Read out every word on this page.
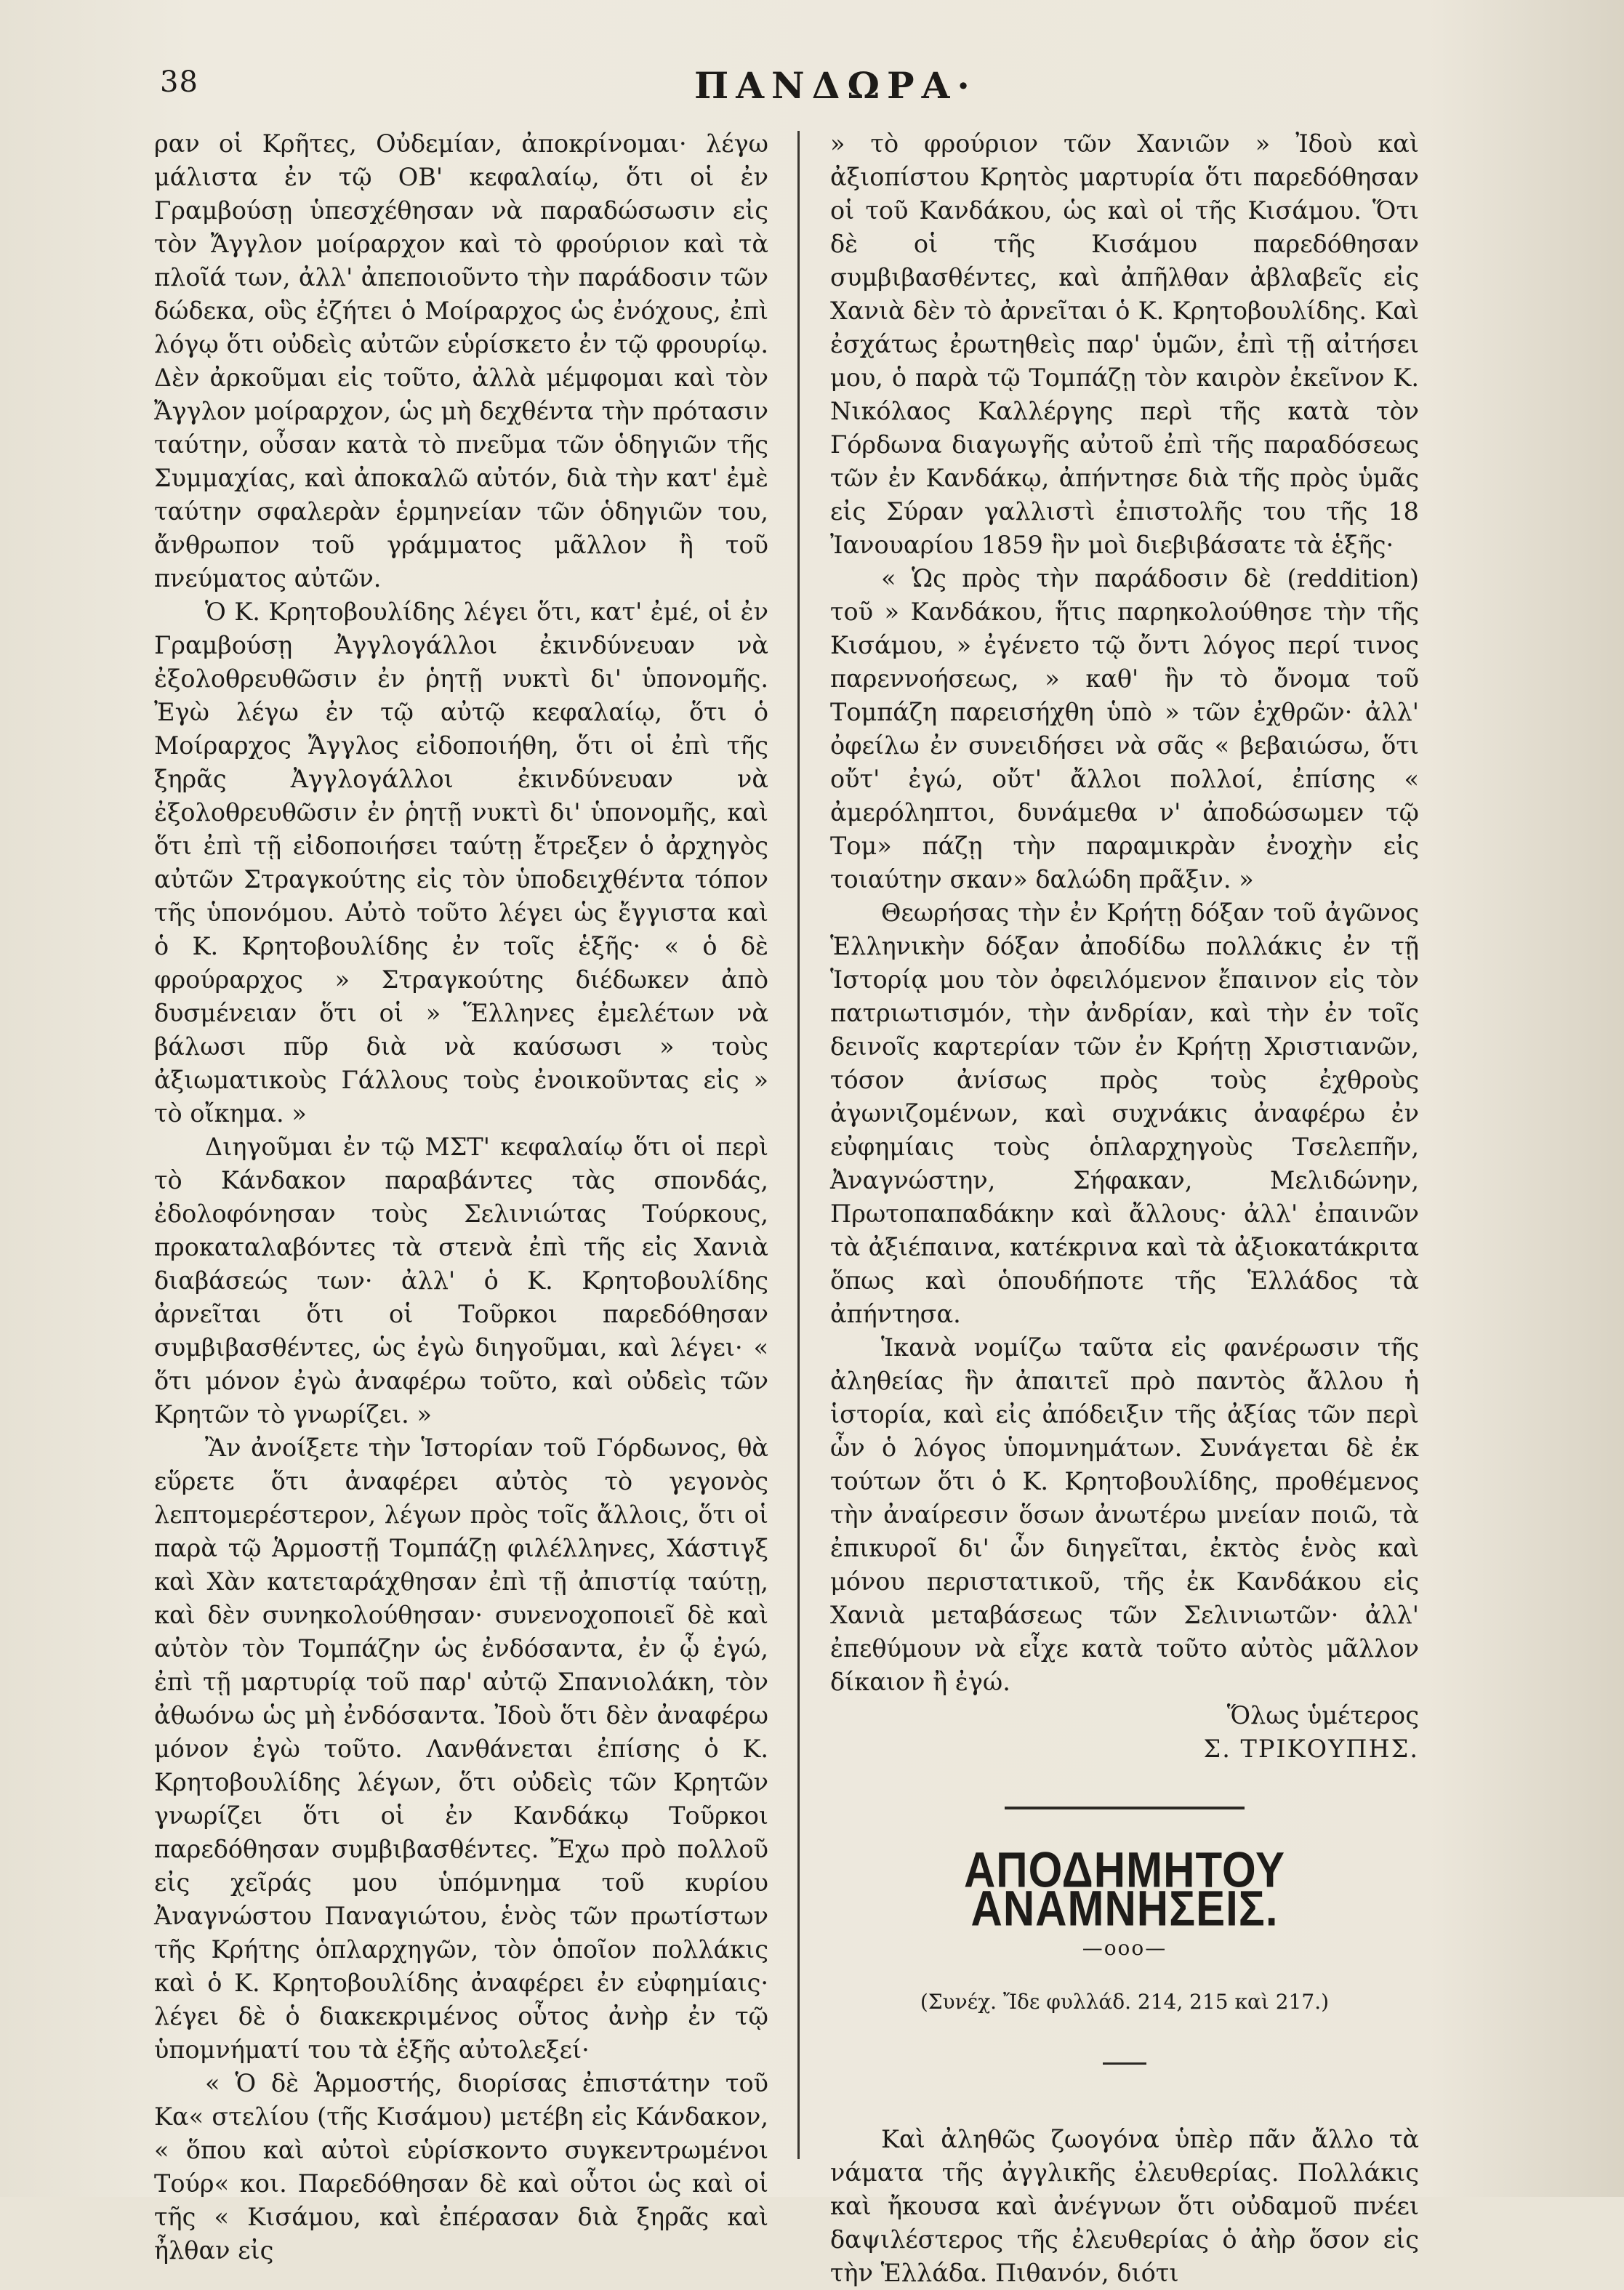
38	ΠΑΝΔΩΡΑ·

ραν οἱ Κρῆτες, Οὐδεμίαν, ἀποκρίνομαι· λέγω μάλιστα ἐν τῷ ΟΒ' κεφαλαίῳ, ὅτι οἱ ἐν Γραμβούσῃ ὑπεσχέθησαν νὰ παραδώσωσιν εἰς τὸν Ἄγγλον μοίραρχον καὶ τὸ φρούριον καὶ τὰ πλοῖά των, ἀλλ' ἀπεποιοῦντο τὴν παράδοσιν τῶν δώδεκα, οὓς ἐζήτει ὁ Μοίραρχος ὡς ἐνόχους, ἐπὶ λόγῳ ὅτι οὐδεὶς αὐτῶν εὑρίσκετο ἐν τῷ φρουρίῳ. Δὲν ἀρκοῦμαι εἰς τοῦτο, ἀλλὰ μέμφομαι καὶ τὸν Ἄγγλον μοίραρχον, ὡς μὴ δεχθέντα τὴν πρότασιν ταύτην, οὖσαν κατὰ τὸ πνεῦμα τῶν ὁδηγιῶν τῆς Συμμαχίας, καὶ ἀποκαλῶ αὐτόν, διὰ τὴν κατ' ἐμὲ ταύτην σφαλερὰν ἑρμηνείαν τῶν ὁδηγιῶν του, ἄνθρωπον τοῦ γράμματος μᾶλλον ἢ τοῦ πνεύματος αὐτῶν.

Ὁ Κ. Κρητοβουλίδης λέγει ὅτι, κατ' ἐμέ, οἱ ἐν Γραμβούσῃ Ἀγγλογάλλοι ἐκινδύνευαν νὰ ἐξολοθρευθῶσιν ἐν ῥητῇ νυκτὶ δι' ὑπονομῆς. Ἐγὼ λέγω ἐν τῷ αὐτῷ κεφαλαίῳ, ὅτι ὁ Μοίραρχος Ἄγγλος εἰδοποιήθη, ὅτι οἱ ἐπὶ τῆς ξηρᾶς Ἀγγλογάλλοι ἐκινδύνευαν νὰ ἐξολοθρευθῶσιν ἐν ῥητῇ νυκτὶ δι' ὑπονομῆς, καὶ ὅτι ἐπὶ τῇ εἰδοποιήσει ταύτῃ ἔτρεξεν ὁ ἀρχηγὸς αὐτῶν Στραγκούτης εἰς τὸν ὑποδειχθέντα τόπον τῆς ὑπονόμου. Αὐτὸ τοῦτο λέγει ὡς ἔγγιστα καὶ ὁ Κ. Κρητοβουλίδης ἐν τοῖς ἑξῆς· « ὁ δὲ φρούραρχος » Στραγκούτης διέδωκεν ἀπὸ δυσμένειαν ὅτι οἱ » Ἕλληνες ἐμελέτων νὰ βάλωσι πῦρ διὰ νὰ καύσωσι » τοὺς ἀξιωματικοὺς Γάλλους τοὺς ἐνοικοῦντας εἰς » τὸ οἴκημα. »

Διηγοῦμαι ἐν τῷ ΜΣΤ' κεφαλαίῳ ὅτι οἱ περὶ τὸ Κάνδακον παραβάντες τὰς σπονδάς, ἐδολοφόνησαν τοὺς Σελινιώτας Τούρκους, προκαταλαβόντες τὰ στενὰ ἐπὶ τῆς εἰς Χανιὰ διαβάσεώς των· ἀλλ' ὁ Κ. Κρητοβουλίδης ἀρνεῖται ὅτι οἱ Τοῦρκοι παρεδόθησαν συμβιβασθέντες, ὡς ἐγὼ διηγοῦμαι, καὶ λέγει· « ὅτι μόνον ἐγὼ ἀναφέρω τοῦτο, καὶ οὐδεὶς τῶν Κρητῶν τὸ γνωρίζει. »

Ἂν ἀνοίξετε τὴν Ἱστορίαν τοῦ Γόρδωνος, θὰ εὕρετε ὅτι ἀναφέρει αὐτὸς τὸ γεγονὸς λεπτομερέστερον, λέγων πρὸς τοῖς ἄλλοις, ὅτι οἱ παρὰ τῷ Ἁρμοστῇ Τομπάζῃ φιλέλληνες, Χάστιγξ καὶ Χὰν κατεταράχθησαν ἐπὶ τῇ ἀπιστίᾳ ταύτῃ, καὶ δὲν συνηκολούθησαν· συνενοχοποιεῖ δὲ καὶ αὐτὸν τὸν Τομπάζην ὡς ἐνδόσαντα, ἐν ᾧ ἐγώ, ἐπὶ τῇ μαρτυρίᾳ τοῦ παρ' αὐτῷ Σπανιολάκη, τὸν ἀθωόνω ὡς μὴ ἐνδόσαντα. Ἰδοὺ ὅτι δὲν ἀναφέρω μόνον ἐγὼ τοῦτο. Λανθάνεται ἐπίσης ὁ Κ. Κρητοβουλίδης λέγων, ὅτι οὐδεὶς τῶν Κρητῶν γνωρίζει ὅτι οἱ ἐν Κανδάκῳ Τοῦρκοι παρεδόθησαν συμβιβασθέντες. Ἔχω πρὸ πολλοῦ εἰς χεῖράς μου ὑπόμνημα τοῦ κυρίου Ἀναγνώστου Παναγιώτου, ἑνὸς τῶν πρωτίστων τῆς Κρήτης ὁπλαρχηγῶν, τὸν ὁποῖον πολλάκις καὶ ὁ Κ. Κρητοβουλίδης ἀναφέρει ἐν εὐφημίαις· λέγει δὲ ὁ διακεκριμένος οὗτος ἀνὴρ ἐν τῷ ὑπομνήματί του τὰ ἑξῆς αὐτολεξεί·

« Ὁ δὲ Ἁρμοστής, διορίσας ἐπιστάτην τοῦ Κα« στελίου (τῆς Κισάμου) μετέβη εἰς Κάνδακον, « ὅπου καὶ αὐτοὶ εὑρίσκοντο συγκεντρωμένοι Τούρ« κοι. Παρεδόθησαν δὲ καὶ οὗτοι ὡς καὶ οἱ τῆς « Κισάμου, καὶ ἐπέρασαν διὰ ξηρᾶς καὶ ἦλθαν εἰς

» τὸ φρούριον τῶν Χανιῶν » Ἰδοὺ καὶ ἀξιοπίστου Κρητὸς μαρτυρία ὅτι παρεδόθησαν οἱ τοῦ Κανδάκου, ὡς καὶ οἱ τῆς Κισάμου. Ὅτι δὲ οἱ τῆς Κισάμου παρεδόθησαν συμβιβασθέντες, καὶ ἀπῆλθαν ἀβλαβεῖς εἰς Χανιὰ δὲν τὸ ἀρνεῖται ὁ Κ. Κρητοβουλίδης. Καὶ ἐσχάτως ἐρωτηθεὶς παρ' ὑμῶν, ἐπὶ τῇ αἰτήσει μου, ὁ παρὰ τῷ Τομπάζῃ τὸν καιρὸν ἐκεῖνον Κ. Νικόλαος Καλλέργης περὶ τῆς κατὰ τὸν Γόρδωνα διαγωγῆς αὐτοῦ ἐπὶ τῆς παραδόσεως τῶν ἐν Κανδάκῳ, ἀπήντησε διὰ τῆς πρὸς ὑμᾶς εἰς Σύραν γαλλιστὶ ἐπιστολῆς του τῆς 18 Ἰανουαρίου 1859 ἣν μοὶ διεβιβάσατε τὰ ἑξῆς·

« Ὡς πρὸς τὴν παράδοσιν δὲ (reddition) τοῦ » Κανδάκου, ἥτις παρηκολούθησε τὴν τῆς Κισάμου, » ἐγένετο τῷ ὄντι λόγος περί τινος παρεννοήσεως, » καθ' ἣν τὸ ὄνομα τοῦ Τομπάζη παρεισήχθη ὑπὸ » τῶν ἐχθρῶν· ἀλλ' ὀφείλω ἐν συνειδήσει νὰ σᾶς « βεβαιώσω, ὅτι οὔτ' ἐγώ, οὔτ' ἄλλοι πολλοί, ἐπίσης « ἀμερόληπτοι, δυνάμεθα ν' ἀποδώσωμεν τῷ Τομ» πάζῃ τὴν παραμικρὰν ἐνοχὴν εἰς τοιαύτην σκαν» δαλώδη πρᾶξιν. »

Θεωρήσας τὴν ἐν Κρήτῃ δόξαν τοῦ ἀγῶνος Ἑλληνικὴν δόξαν ἀποδίδω πολλάκις ἐν τῇ Ἱστορίᾳ μου τὸν ὀφειλόμενον ἔπαινον εἰς τὸν πατριωτισμόν, τὴν ἀνδρίαν, καὶ τὴν ἐν τοῖς δεινοῖς καρτερίαν τῶν ἐν Κρήτῃ Χριστιανῶν, τόσον ἀνίσως πρὸς τοὺς ἐχθροὺς ἀγωνιζομένων, καὶ συχνάκις ἀναφέρω ἐν εὐφημίαις τοὺς ὁπλαρχηγοὺς Τσελεπῆν, Ἀναγνώστην, Σήφακαν, Μελιδώνην, Πρωτοπαπαδάκην καὶ ἄλλους· ἀλλ' ἐπαινῶν τὰ ἀξιέπαινα, κατέκρινα καὶ τὰ ἀξιοκατάκριτα ὅπως καὶ ὁπουδήποτε τῆς Ἑλλάδος τὰ ἀπήντησα.

Ἱκανὰ νομίζω ταῦτα εἰς φανέρωσιν τῆς ἀληθείας ἣν ἀπαιτεῖ πρὸ παντὸς ἄλλου ἡ ἱστορία, καὶ εἰς ἀπόδειξιν τῆς ἀξίας τῶν περὶ ὧν ὁ λόγος ὑπομνημάτων. Συνάγεται δὲ ἐκ τούτων ὅτι ὁ Κ. Κρητοβουλίδης, προθέμενος τὴν ἀναίρεσιν ὅσων ἀνωτέρω μνείαν ποιῶ, τὰ ἐπικυροῖ δι' ὧν διηγεῖται, ἐκτὸς ἑνὸς καὶ μόνου περιστατικοῦ, τῆς ἐκ Κανδάκου εἰς Χανιὰ μεταβάσεως τῶν Σελινιωτῶν· ἀλλ' ἐπεθύμουν νὰ εἶχε κατὰ τοῦτο αὐτὸς μᾶλλον δίκαιον ἢ ἐγώ.

Ὅλως ὑμέτερος

Σ. ΤΡΙΚΟΥΠΗΣ.

ΑΠΟΔΗΜΗΤΟΥ ΑΝΑΜΝΗΣΕΙΣ.
—ooo—
(Συνέχ. Ἴδε φυλλάδ. 214, 215 καὶ 217.)

Καὶ ἀληθῶς ζωογόνα ὑπὲρ πᾶν ἄλλο τὰ νάματα τῆς ἀγγλικῆς ἐλευθερίας. Πολλάκις καὶ ἤκουσα καὶ ἀνέγνων ὅτι οὐδαμοῦ πνέει δαψιλέστερος τῆς ἐλευθερίας ὁ ἀὴρ ὅσον εἰς τὴν Ἑλλάδα. Πιθανόν, διότι
